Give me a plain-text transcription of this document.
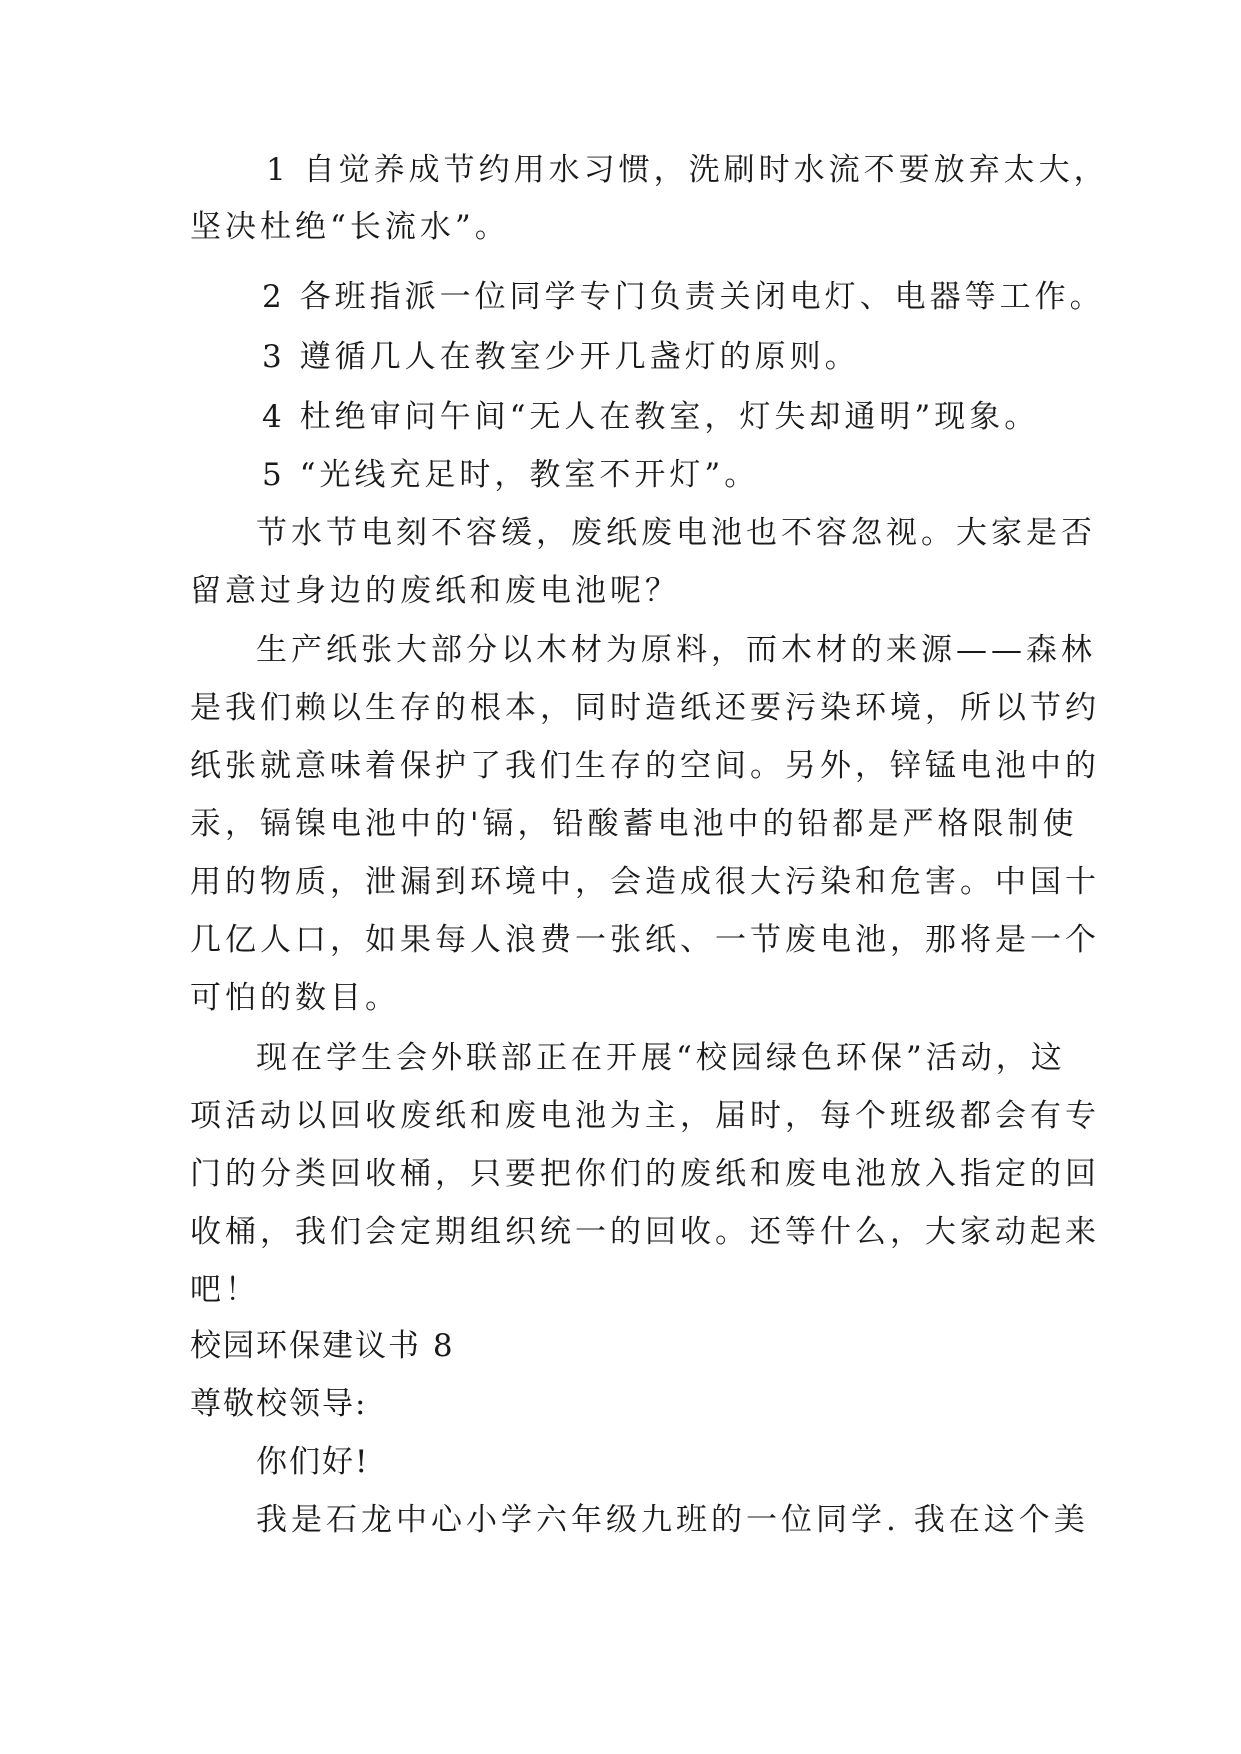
1 自觉养成节约用水习惯，洗刷时水流不要放弃太大，
坚决杜绝“长流水”。
2 各班指派一位同学专门负责关闭电灯、电器等工作。
3 遵循几人在教室少开几盏灯的原则。
4 杜绝审问午间“无人在教室，灯失却通明”现象。
5 “光线充足时，教室不开灯”。
节水节电刻不容缓，废纸废电池也不容忽视。大家是否
留意过身边的废纸和废电池呢？
生产纸张大部分以木材为原料，而木材的来源——森林
是我们赖以生存的根本，同时造纸还要污染环境，所以节约
纸张就意味着保护了我们生存的空间。另外，锌锰电池中的
汞，镉镍电池中的'镉，铅酸蓄电池中的铅都是严格限制使
用的物质，泄漏到环境中，会造成很大污染和危害。中国十
几亿人口，如果每人浪费一张纸、一节废电池，那将是一个
可怕的数目。
现在学生会外联部正在开展“校园绿色环保”活动，这
项活动以回收废纸和废电池为主，届时，每个班级都会有专
门的分类回收桶，只要把你们的废纸和废电池放入指定的回
收桶，我们会定期组织统一的回收。还等什么，大家动起来
吧！
校园环保建议书 8
尊敬校领导:
你们好!
我是石龙中心小学六年级九班的一位同学. 我在这个美
